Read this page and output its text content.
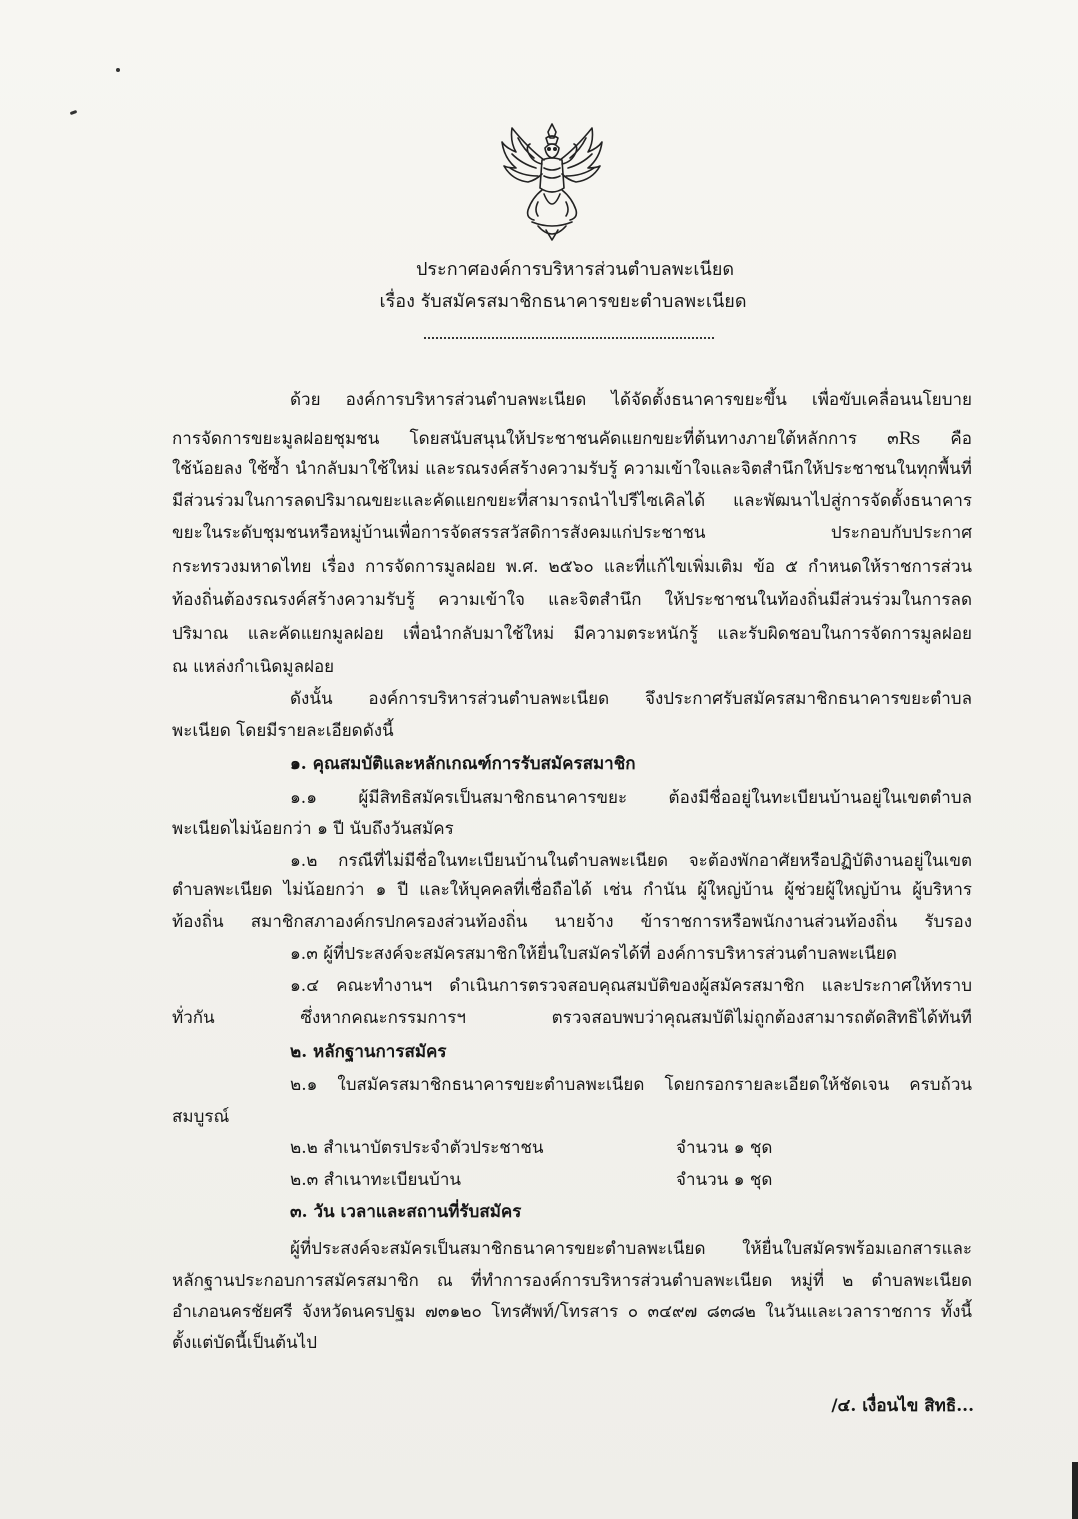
ประกาศองค์การบริหารส่วนตำบลพะเนียด
เรื่อง รับสมัครสมาชิกธนาคารขยะตำบลพะเนียด
ด้วย องค์การบริหารส่วนตำบลพะเนียด ได้จัดตั้งธนาคารขยะขึ้น เพื่อขับเคลื่อนนโยบาย
การจัดการขยะมูลฝอยชุมชน โดยสนับสนุนให้ประชาชนคัดแยกขยะที่ต้นทางภายใต้หลักการ ๓Rs คือ
ใช้น้อยลง ใช้ซ้ำ นำกลับมาใช้ใหม่ และรณรงค์สร้างความรับรู้ ความเข้าใจและจิตสำนึกให้ประชาชนในทุกพื้นที่
มีส่วนร่วมในการลดปริมาณขยะและคัดแยกขยะที่สามารถนำไปรีไซเคิลได้ และพัฒนาไปสู่การจัดตั้งธนาคาร
ขยะในระดับชุมชนหรือหมู่บ้านเพื่อการจัดสรรสวัสดิการสังคมแก่ประชาชน ประกอบกับประกาศ
กระทรวงมหาดไทย เรื่อง การจัดการมูลฝอย พ.ศ. ๒๕๖๐ และที่แก้ไขเพิ่มเติม ข้อ ๕ กำหนดให้ราชการส่วน
ท้องถิ่นต้องรณรงค์สร้างความรับรู้ ความเข้าใจ และจิตสำนึก ให้ประชาชนในท้องถิ่นมีส่วนร่วมในการลด
ปริมาณ และคัดแยกมูลฝอย เพื่อนำกลับมาใช้ใหม่ มีความตระหนักรู้ และรับผิดชอบในการจัดการมูลฝอย
ณ แหล่งกำเนิดมูลฝอย
ดังนั้น องค์การบริหารส่วนตำบลพะเนียด จึงประกาศรับสมัครสมาชิกธนาคารขยะตำบล
พะเนียด โดยมีรายละเอียดดังนี้
๑. คุณสมบัติและหลักเกณฑ์การรับสมัครสมาชิก
๑.๑ ผู้มีสิทธิสมัครเป็นสมาชิกธนาคารขยะ ต้องมีชื่ออยู่ในทะเบียนบ้านอยู่ในเขตตำบล
พะเนียดไม่น้อยกว่า ๑ ปี นับถึงวันสมัคร
๑.๒ กรณีที่ไม่มีชื่อในทะเบียนบ้านในตำบลพะเนียด จะต้องพักอาศัยหรือปฏิบัติงานอยู่ในเขต
ตำบลพะเนียด ไม่น้อยกว่า ๑ ปี และให้บุคคลที่เชื่อถือได้ เช่น กำนัน ผู้ใหญ่บ้าน ผู้ช่วยผู้ใหญ่บ้าน ผู้บริหาร
ท้องถิ่น สมาชิกสภาองค์กรปกครองส่วนท้องถิ่น นายจ้าง ข้าราชการหรือพนักงานส่วนท้องถิ่น รับรอง
๑.๓ ผู้ที่ประสงค์จะสมัครสมาชิกให้ยื่นใบสมัครได้ที่ องค์การบริหารส่วนตำบลพะเนียด
๑.๔ คณะทำงานฯ ดำเนินการตรวจสอบคุณสมบัติของผู้สมัครสมาชิก และประกาศให้ทราบ
ทั่วกัน ซึ่งหากคณะกรรมการฯ ตรวจสอบพบว่าคุณสมบัติไม่ถูกต้องสามารถตัดสิทธิได้ทันที
๒. หลักฐานการสมัคร
๒.๑ ใบสมัครสมาชิกธนาคารขยะตำบลพะเนียด โดยกรอกรายละเอียดให้ชัดเจน ครบถ้วน
สมบูรณ์
๒.๒ สำเนาบัตรประจำตัวประชาชน	จำนวน ๑ ชุด
๒.๓ สำเนาทะเบียนบ้าน	จำนวน ๑ ชุด
๓. วัน เวลาและสถานที่รับสมัคร
ผู้ที่ประสงค์จะสมัครเป็นสมาชิกธนาคารขยะตำบลพะเนียด ให้ยื่นใบสมัครพร้อมเอกสารและ
หลักฐานประกอบการสมัครสมาชิก ณ ที่ทำการองค์การบริหารส่วนตำบลพะเนียด หมู่ที่ ๒ ตำบลพะเนียด
อำเภอนครชัยศรี จังหวัดนครปฐม ๗๓๑๒๐ โทรศัพท์/โทรสาร ๐ ๓๔๙๗ ๘๓๘๒ ในวันและเวลาราชการ ทั้งนี้
ตั้งแต่บัดนี้เป็นต้นไป
/๔. เงื่อนไข สิทธิ...
